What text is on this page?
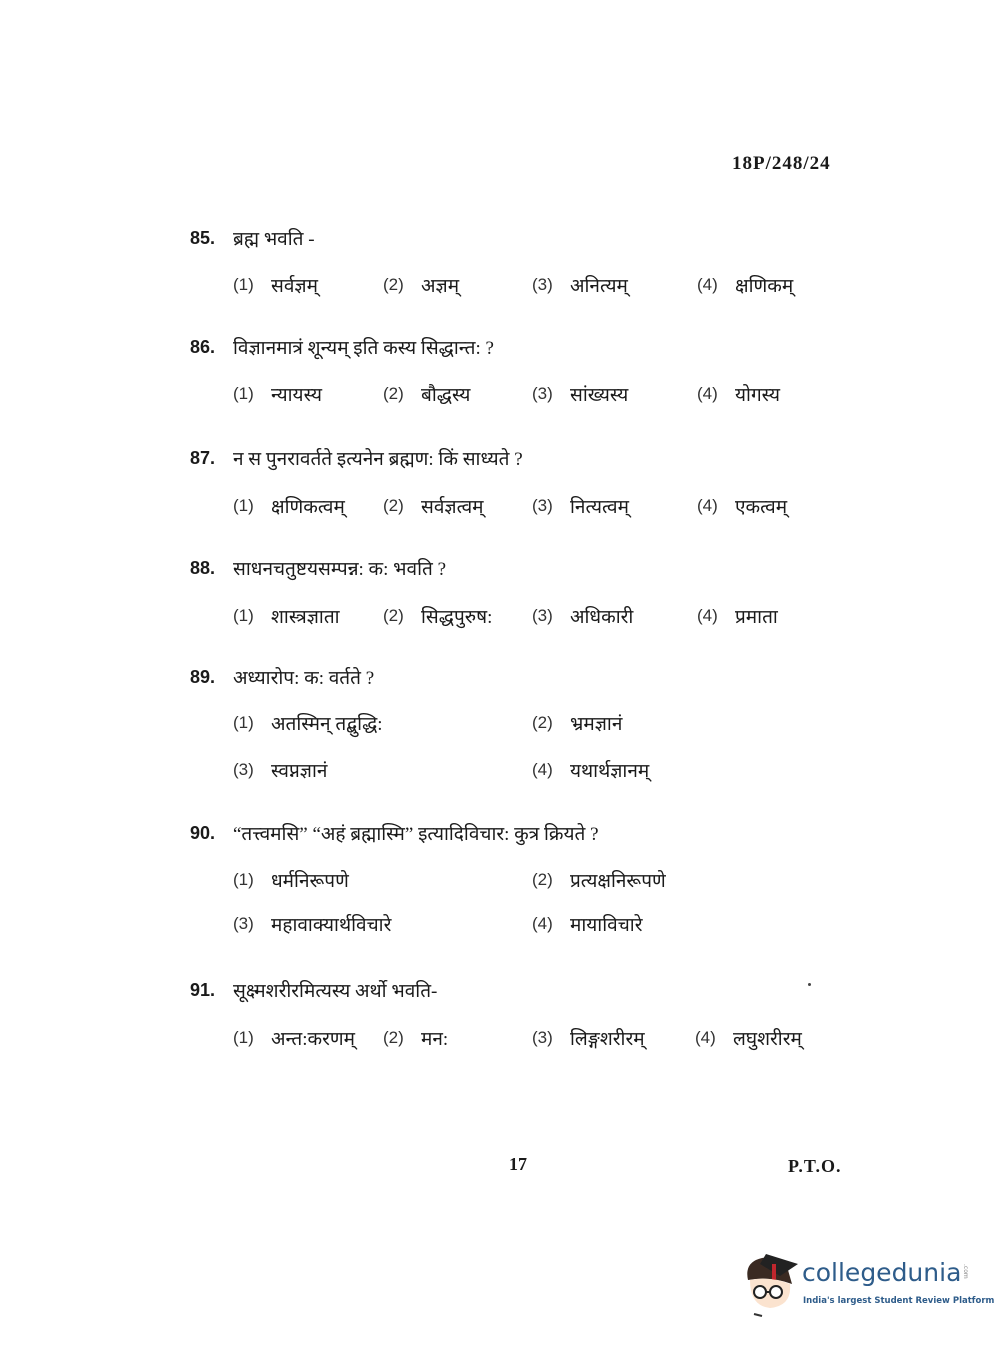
18P/248/24
85. ब्रह्म भवति -
(1) सर्वज्ञम्	(2) अज्ञम्	(3) अनित्यम्	(4) क्षणिकम्
86. विज्ञानमात्रं शून्यम् इति कस्य सिद्धान्त: ?
(1) न्यायस्य	(2) बौद्धस्य	(3) सांख्यस्य	(4) योगस्य
87. न स पुनरावर्तते इत्यनेन ब्रह्मण: किं साध्यते ?
(1) क्षणिकत्वम् (2) सर्वज्ञत्वम्	(3) नित्यत्वम्	(4) एकत्वम्
88. साधनचतुष्टयसम्पन्न: क: भवति ?
(1) शास्त्रज्ञाता	(2) सिद्धपुरुष: (3) अधिकारी	(4) प्रमाता
89. अध्यारोप: क: वर्तते ?
(1) अतस्मिन् तद्बुद्धि:	(2) भ्रमज्ञानं
(3) स्वप्नज्ञानं	(4) यथार्थज्ञानम्
90. “तत्त्वमसि” “अहं ब्रह्मास्मि” इत्यादिविचार: कुत्र क्रियते ?
(1) धर्मनिरूपणे	(2) प्रत्यक्षनिरूपणे
(3) महावाक्यार्थविचारे	(4) मायाविचारे
91. सूक्ष्मशरीरमित्यस्य अर्थो भवति-
(1) अन्त:करणम् (2) मन:	(3) लिङ्गशरीरम्	(4) लघुशरीरम्
17	P.T.O.
collegedunia .com
India's largest Student Review Platform
